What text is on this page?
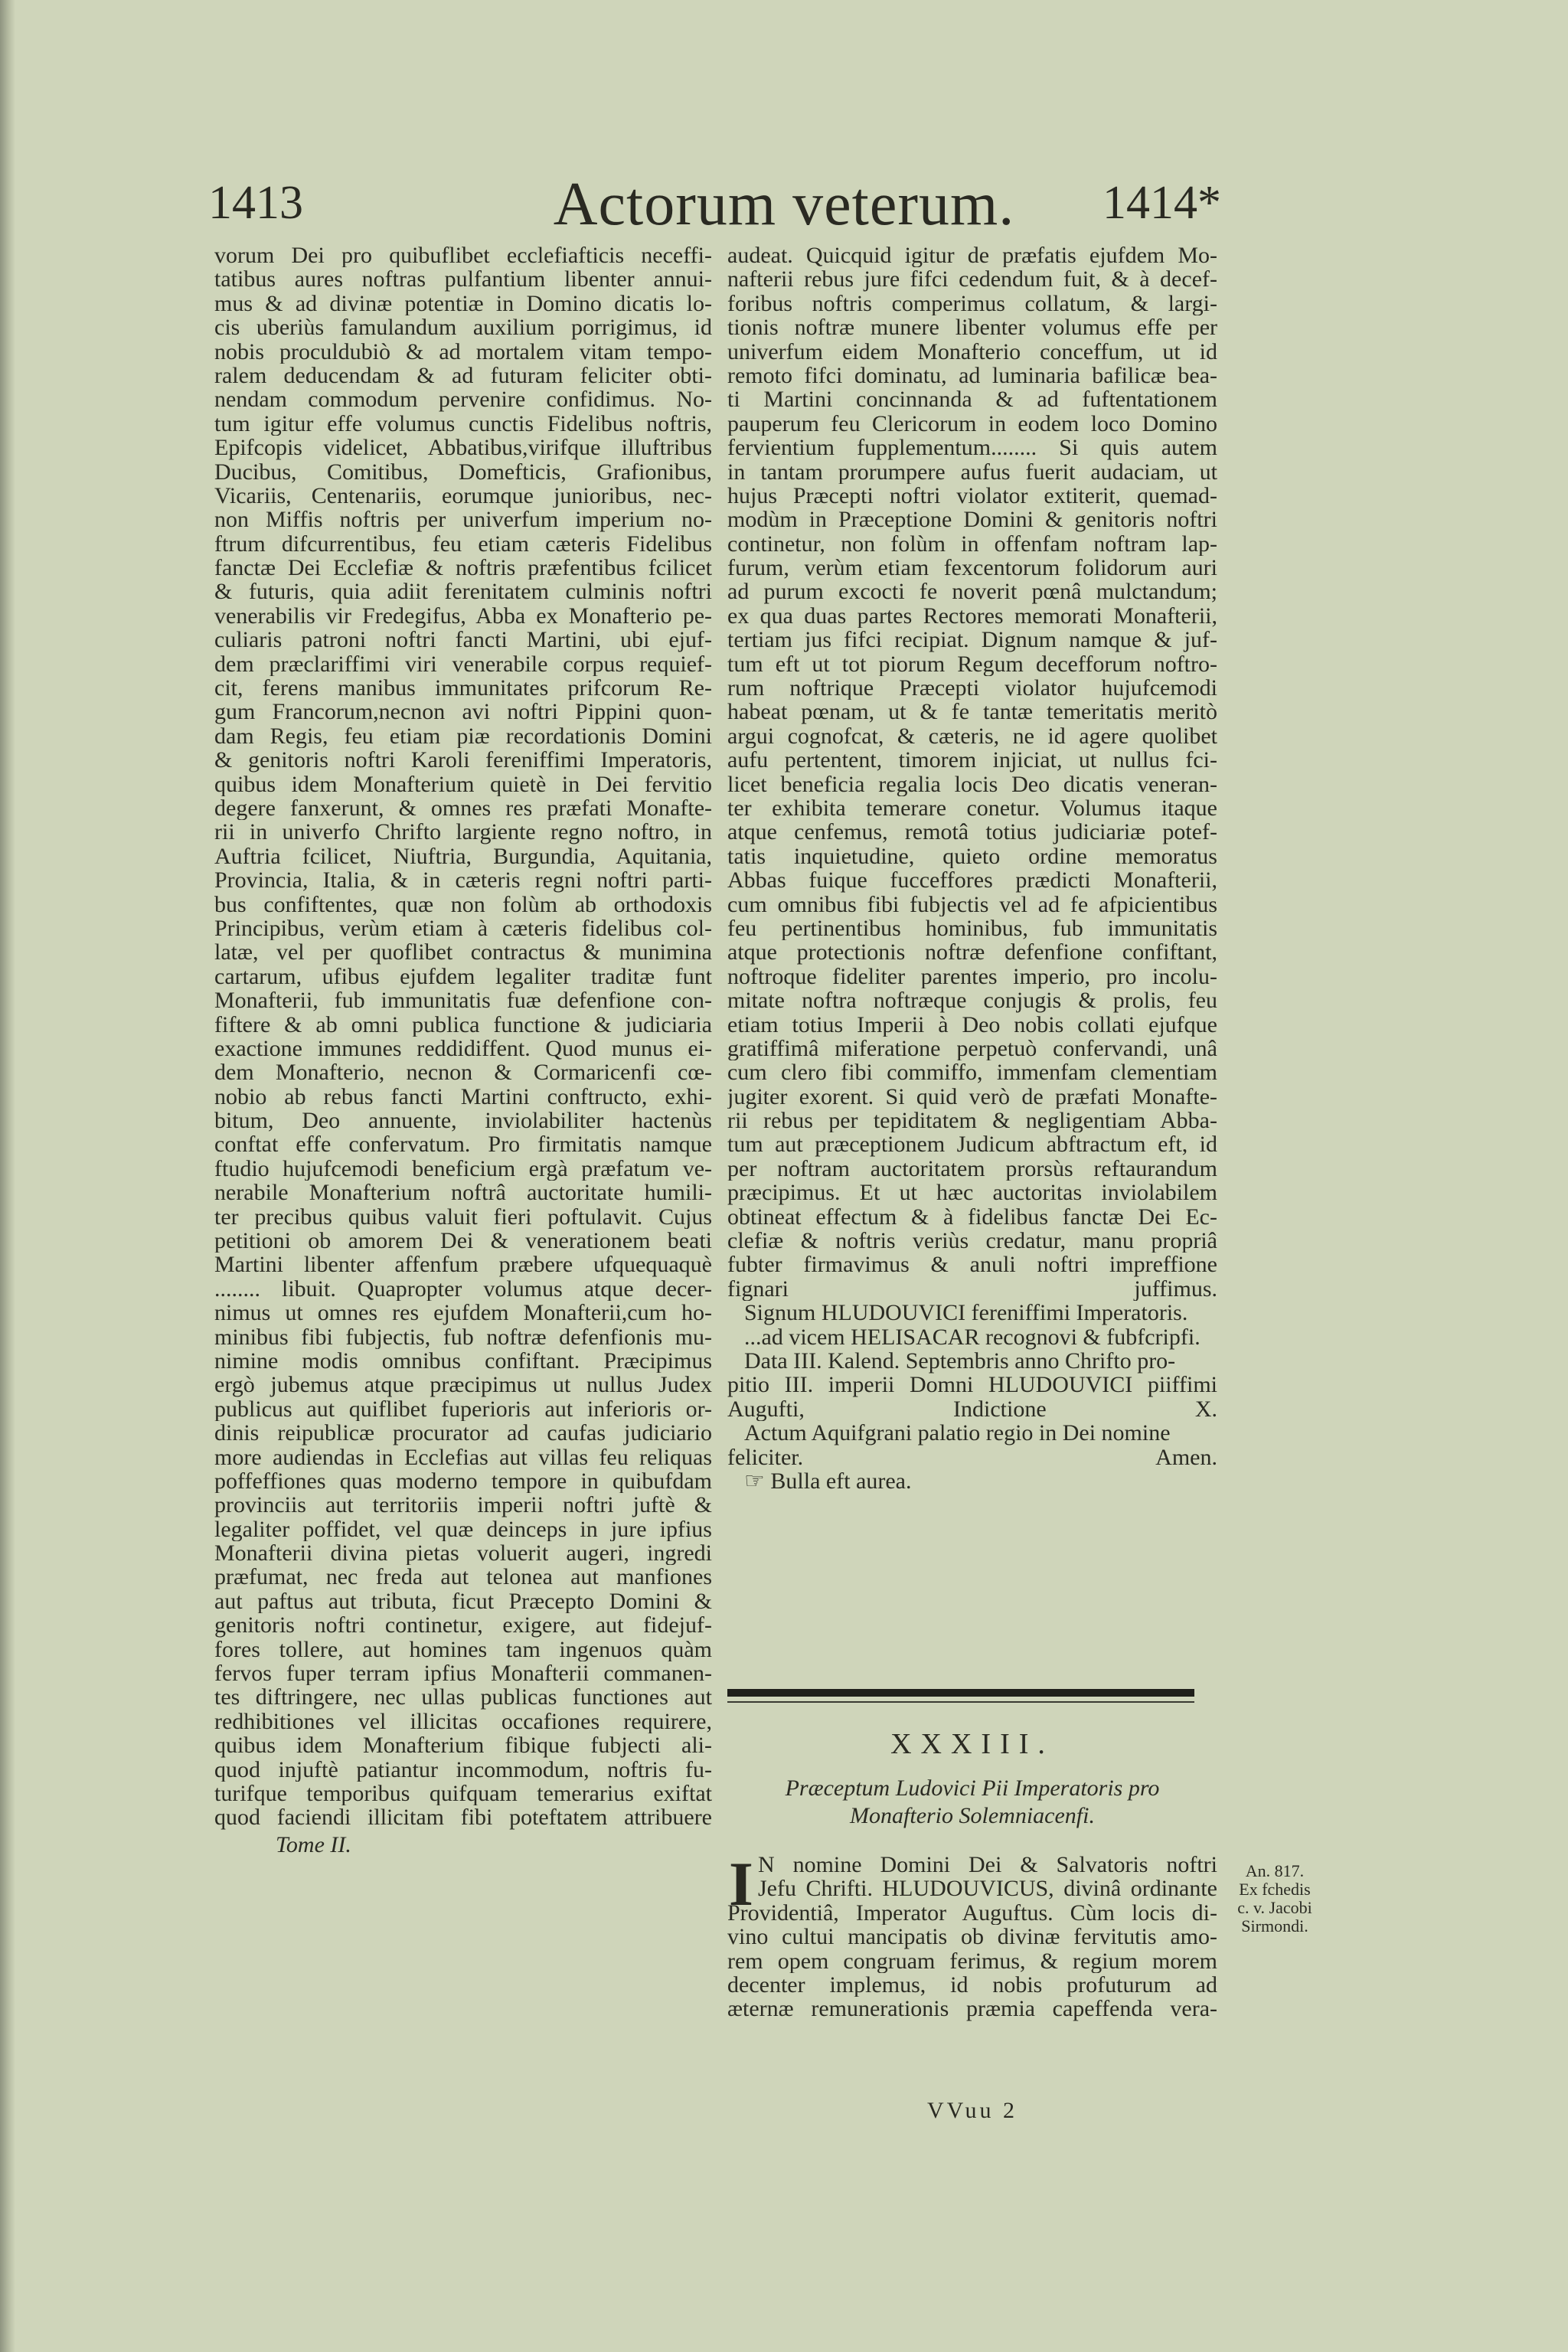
1413	Actorum veterum.	1414*
vorum Dei pro quibuflibet ecclefiafticis neceffi-
tatibus aures noftras pulfantium libenter annui-
mus & ad divinæ potentiæ in Domino dicatis lo-
cis uberiùs famulandum auxilium porrigimus, id
nobis proculdubiò & ad mortalem vitam tempo-
ralem deducendam & ad futuram feliciter obti-
nendam commodum pervenire confidimus. No-
tum igitur effe volumus cunctis Fidelibus noftris,
Epifcopis videlicet, Abbatibus,virifque illuftribus
Ducibus, Comitibus, Domefticis, Grafionibus,
Vicariis, Centenariis, eorumque junioribus, nec-
non Miffis noftris per univerfum imperium no-
ftrum difcurrentibus, feu etiam cæteris Fidelibus
fanctæ Dei Ecclefiæ & noftris præfentibus fcilicet
& futuris, quia adiit ferenitatem culminis noftri
venerabilis vir Fredegifus, Abba ex Monafterio pe-
culiaris patroni noftri fancti Martini, ubi ejuf-
dem præclariffimi viri venerabile corpus requief-
cit, ferens manibus immunitates prifcorum Re-
gum Francorum,necnon avi noftri Pippini quon-
dam Regis, feu etiam piæ recordationis Domini
& genitoris noftri Karoli fereniffimi Imperatoris,
quibus idem Monafterium quietè in Dei fervitio
degere fanxerunt, & omnes res præfati Monafte-
rii in univerfo Chrifto largiente regno noftro, in
Auftria fcilicet, Niuftria, Burgundia, Aquitania,
Provincia, Italia, & in cæteris regni noftri parti-
bus confiftentes, quæ non folùm ab orthodoxis
Principibus, verùm etiam à cæteris fidelibus col-
latæ, vel per quoflibet contractus & munimina
cartarum, ufibus ejufdem legaliter traditæ funt
Monafterii, fub immunitatis fuæ defenfione con-
fiftere & ab omni publica functione & judiciaria
exactione immunes reddidiffent. Quod munus ei-
dem Monafterio, necnon & Cormaricenfi cœ-
nobio ab rebus fancti Martini conftructo, exhi-
bitum, Deo annuente, inviolabiliter hactenùs
conftat effe confervatum. Pro firmitatis namque
ftudio hujufcemodi beneficium ergà præfatum ve-
nerabile Monafterium noftrâ auctoritate humili-
ter precibus quibus valuit fieri poftulavit. Cujus
petitioni ob amorem Dei & venerationem beati
Martini libenter affenfum præbere ufquequaquè
........ libuit. Quapropter volumus atque decer-
nimus ut omnes res ejufdem Monafterii,cum ho-
minibus fibi fubjectis, fub noftræ defenfionis mu-
nimine modis omnibus confiftant. Præcipimus
ergò jubemus atque præcipimus ut nullus Judex
publicus aut quiflibet fuperioris aut inferioris or-
dinis reipublicæ procurator ad caufas judiciario
more audiendas in Ecclefias aut villas feu reliquas
poffeffiones quas moderno tempore in quibufdam
provinciis aut territoriis imperii noftri juftè &
legaliter poffidet, vel quæ deinceps in jure ipfius
Monafterii divina pietas voluerit augeri, ingredi
præfumat, nec freda aut telonea aut manfiones
aut paftus aut tributa, ficut Præcepto Domini &
genitoris noftri continetur, exigere, aut fidejuf-
fores tollere, aut homines tam ingenuos quàm
fervos fuper terram ipfius Monafterii commanen-
tes diftringere, nec ullas publicas functiones aut
redhibitiones vel illicitas occafiones requirere,
quibus idem Monafterium fibique fubjecti ali-
quod injuftè patiantur incommodum, noftris fu-
turifque temporibus quifquam temerarius exiftat
quod faciendi illicitam fibi poteftatem attribuere
Tome II.
audeat. Quicquid igitur de præfatis ejufdem Mo-
nafterii rebus jure fifci cedendum fuit, & à decef-
foribus noftris comperimus collatum, & largi-
tionis noftræ munere libenter volumus effe per
univerfum eidem Monafterio conceffum, ut id
remoto fifci dominatu, ad luminaria bafilicæ bea-
ti Martini concinnanda & ad fuftentationem
pauperum feu Clericorum in eodem loco Domino
fervientium fupplementum........ Si quis autem
in tantam prorumpere aufus fuerit audaciam, ut
hujus Præcepti noftri violator extiterit, quemad-
modùm in Præceptione Domini & genitoris noftri
continetur, non folùm in offenfam noftram lap-
furum, verùm etiam fexcentorum folidorum auri
ad purum excocti fe noverit pœnâ mulctandum;
ex qua duas partes Rectores memorati Monafterii,
tertiam jus fifci recipiat. Dignum namque & juf-
tum eft ut tot piorum Regum decefforum noftro-
rum noftrique Præcepti violator hujufcemodi
habeat pœnam, ut & fe tantæ temeritatis meritò
argui cognofcat, & cæteris, ne id agere quolibet
aufu pertentent, timorem injiciat, ut nullus fci-
licet beneficia regalia locis Deo dicatis veneran-
ter exhibita temerare conetur. Volumus itaque
atque cenfemus, remotâ totius judiciariæ potef-
tatis inquietudine, quieto ordine memoratus
Abbas fuique fucceffores prædicti Monafterii,
cum omnibus fibi fubjectis vel ad fe afpicientibus
feu pertinentibus hominibus, fub immunitatis
atque protectionis noftræ defenfione confiftant,
noftroque fideliter parentes imperio, pro incolu-
mitate noftra noftræque conjugis & prolis, feu
etiam totius Imperii à Deo nobis collati ejufque
gratiffimâ miferatione perpetuò confervandi, unâ
cum clero fibi commiffo, immenfam clementiam
jugiter exorent. Si quid verò de præfati Monafte-
rii rebus per tepiditatem & negligentiam Abba-
tum aut præceptionem Judicum abftractum eft, id
per noftram auctoritatem prorsùs reftaurandum
præcipimus. Et ut hæc auctoritas inviolabilem
obtineat effectum & à fidelibus fanctæ Dei Ec-
clefiæ & noftris veriùs credatur, manu propriâ
fubter firmavimus & anuli noftri impreffione
fignari juffimus.
Signum HLUDOUVICI fereniffimi Imperatoris.
...ad vicem HELISACAR recognovi & fubfcripfi.
Data III. Kalend. Septembris anno Chrifto pro-
pitio III. imperii Domni HLUDOUVICI piiffimi
Augufti, Indictione X.
Actum Aquifgrani palatio regio in Dei nomine
feliciter. Amen.
☞ Bulla eft aurea.
XXXIII.
Præceptum Ludovici Pii Imperatoris pro
Monafterio Solemniacenfi.
I N nomine Domini Dei & Salvatoris noftri
Jefu Chrifti. HLUDOUVICUS, divinâ ordinante
Providentiâ, Imperator Auguftus. Cùm locis di-
vino cultui mancipatis ob divinæ fervitutis amo-
rem opem congruam ferimus, & regium morem
decenter implemus, id nobis profuturum ad
æternæ remunerationis præmia capeffenda vera-
VVuu 2
An. 817.
Ex fchedis
c. v. Jacobi
Sirmondi.
